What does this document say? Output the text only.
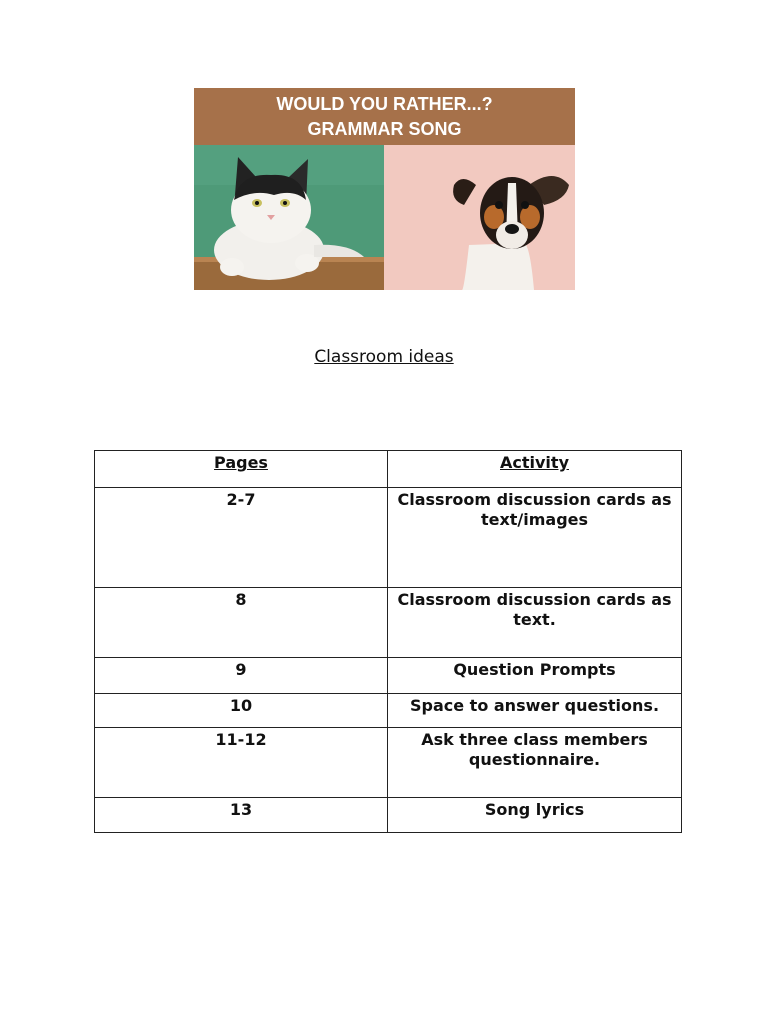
WOULD YOU RATHER...?
GRAMMAR SONG
Classroom ideas
Pages	Activity
2-7	Classroom discussion cards as text/images
8	Classroom discussion cards as text.
9	Question Prompts
10	Space to answer questions.
11-12	Ask three class members questionnaire.
13	Song lyrics
